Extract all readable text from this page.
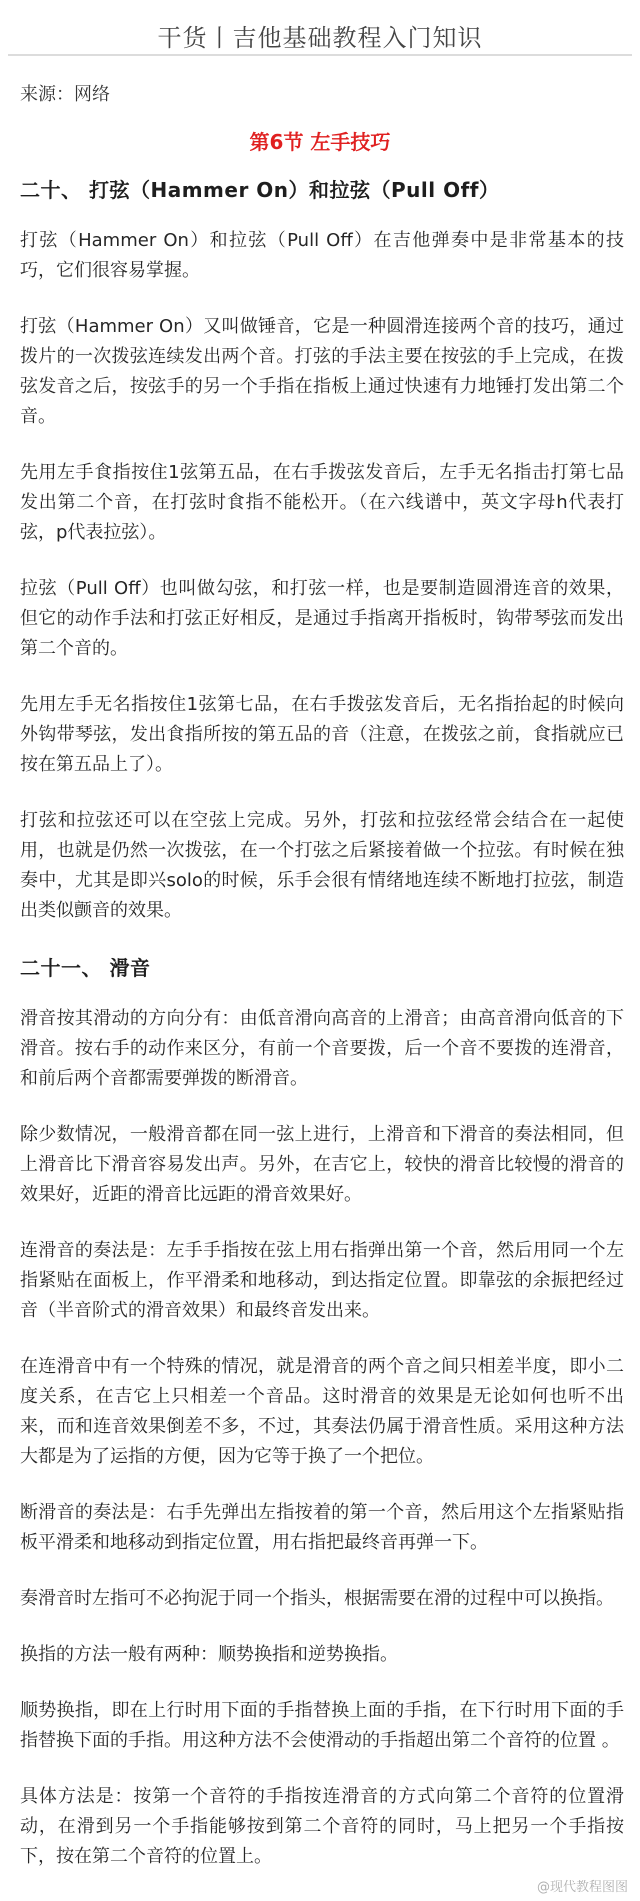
干货丨吉他基础教程入门知识
来源：网络
第6节 左手技巧
二十、 打弦（Hammer On）和拉弦（Pull Off）

打弦（Hammer On）和拉弦（Pull Off）在吉他弹奏中是非常基本的技巧，它们很容易掌握。

打弦（Hammer On）又叫做锤音，它是一种圆滑连接两个音的技巧，通过拨片的一次拨弦连续发出两个音。打弦的手法主要在按弦的手上完成，在拨弦发音之后，按弦手的另一个手指在指板上通过快速有力地锤打发出第二个音。

先用左手食指按住1弦第五品，在右手拨弦发音后，左手无名指击打第七品发出第二个音，在打弦时食指不能松开。（在六线谱中，英文字母h代表打弦，p代表拉弦）。

拉弦（Pull Off）也叫做勾弦，和打弦一样，也是要制造圆滑连音的效果，但它的动作手法和打弦正好相反，是通过手指离开指板时，钩带琴弦而发出第二个音的。

先用左手无名指按住1弦第七品，在右手拨弦发音后，无名指抬起的时候向外钩带琴弦，发出食指所按的第五品的音（注意，在拨弦之前，食指就应已按在第五品上了）。

打弦和拉弦还可以在空弦上完成。另外，打弦和拉弦经常会结合在一起使用，也就是仍然一次拨弦，在一个打弦之后紧接着做一个拉弦。有时候在独奏中，尤其是即兴solo的时候，乐手会很有情绪地连续不断地打拉弦，制造出类似颤音的效果。

二十一、 滑音

滑音按其滑动的方向分有：由低音滑向高音的上滑音；由高音滑向低音的下滑音。按右手的动作来区分，有前一个音要拨，后一个音不要拨的连滑音，和前后两个音都需要弹拨的断滑音。

除少数情况，一般滑音都在同一弦上进行，上滑音和下滑音的奏法相同，但上滑音比下滑音容易发出声。另外，在吉它上，较快的滑音比较慢的滑音的效果好，近距的滑音比远距的滑音效果好。

连滑音的奏法是：左手手指按在弦上用右指弹出第一个音，然后用同一个左指紧贴在面板上，作平滑柔和地移动，到达指定位置。即靠弦的余振把经过音（半音阶式的滑音效果）和最终音发出来。

在连滑音中有一个特殊的情况，就是滑音的两个音之间只相差半度，即小二度关系，在吉它上只相差一个音品。这时滑音的效果是无论如何也听不出来，而和连音效果倒差不多，不过，其奏法仍属于滑音性质。采用这种方法大都是为了运指的方便，因为它等于换了一个把位。

断滑音的奏法是：右手先弹出左指按着的第一个音，然后用这个左指紧贴指板平滑柔和地移动到指定位置，用右指把最终音再弹一下。

奏滑音时左指可不必拘泥于同一个指头，根据需要在滑的过程中可以换指。

换指的方法一般有两种：顺势换指和逆势换指。

顺势换指，即在上行时用下面的手指替换上面的手指，在下行时用下面的手指替换下面的手指。用这种方法不会使滑动的手指超出第二个音符的位置 。

具体方法是：按第一个音符的手指按连滑音的方式向第二个音符的位置滑动，在滑到另一个手指能够按到第二个音符的同时，马上把另一个手指按下，按在第二个音符的位置上。

@现代教程图图
